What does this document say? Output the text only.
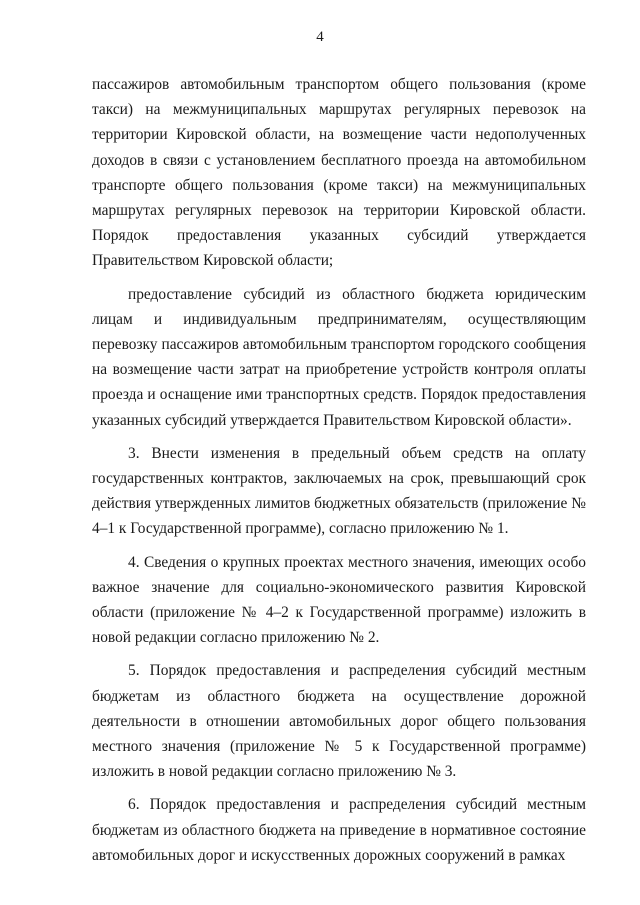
4

пассажиров автомобильным транспортом общего пользования (кроме такси) на межмуниципальных маршрутах регулярных перевозок на территории Кировской области, на возмещение части недополученных доходов в связи с установлением бесплатного проезда на автомобильном транспорте общего пользования (кроме такси) на межмуниципальных маршрутах регулярных перевозок на территории Кировской области. Порядок предоставления указанных субсидий утверждается Правительством Кировской области;

предоставление субсидий из областного бюджета юридическим лицам и индивидуальным предпринимателям, осуществляющим перевозку пассажиров автомобильным транспортом городского сообщения на возмещение части затрат на приобретение устройств контроля оплаты проезда и оснащение ими транспортных средств. Порядок предоставления указанных субсидий утверждается Правительством Кировской области».

3. Внести изменения в предельный объем средств на оплату государственных контрактов, заключаемых на срок, превышающий срок действия утвержденных лимитов бюджетных обязательств (приложение № 4–1 к Государственной программе), согласно приложению № 1.

4. Сведения о крупных проектах местного значения, имеющих особо важное значение для социально-экономического развития Кировской области (приложение № 4–2 к Государственной программе) изложить в новой редакции согласно приложению № 2.

5. Порядок предоставления и распределения субсидий местным бюджетам из областного бюджета на осуществление дорожной деятельности в отношении автомобильных дорог общего пользования местного значения (приложение № 5 к Государственной программе) изложить в новой редакции согласно приложению № 3.

6. Порядок предоставления и распределения субсидий местным бюджетам из областного бюджета на приведение в нормативное состояние автомобильных дорог и искусственных дорожных сооружений в рамках
